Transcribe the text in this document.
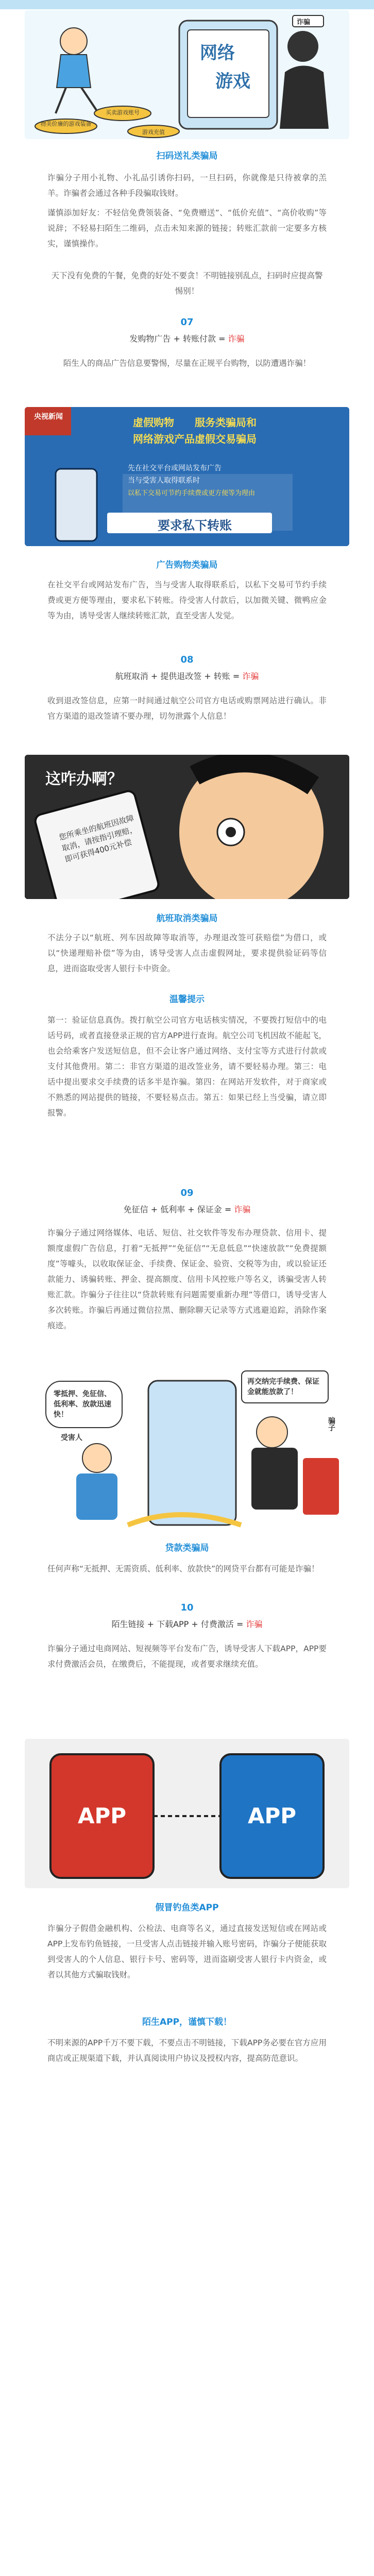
网络
游戏
诈骗
物美价廉的游戏装备
买卖游戏账号
游戏充值
扫码送礼类骗局
诈骗分子用小礼物、小礼品引诱你扫码，一旦扫码，你就像是只待被拿的羔羊。诈骗者会通过各种手段骗取钱财。
谨慎添加好友：不轻信免费领装备、“免费赠送”、“低价充值”、“高价收购”等说辞；不轻易扫陌生二维码，点击未知来源的链接；转账汇款前一定要多方核实，谨慎操作。
天下没有免费的午餐，免费的好处不要贪！不明链接别乱点，扫码时应提高警惕别！
07
发购物广告 + 转账付款 = 诈骗
陌生人的商品广告信息要警惕，尽量在正规平台购物，以防遭遇诈骗！
央视新闻	虚假购物 服务类骗局和
网络游戏产品虚假交易骗局
先在社交平台或网站发布广告
当与受害人取得联系时
以私下交易可节约手续费或更方便等为理由
要求私下转账
广告购物类骗局
在社交平台或网站发布广告，当与受害人取得联系后，以私下交易可节约手续费或更方便等理由，要求私下转账。待受害人付款后，以加微关键、微鸭应金等为由，诱导受害人继续转账汇款，直至受害人发觉。
08
航班取消 + 提供退改签 + 转账 = 诈骗
收到退改签信息，应第一时间通过航空公司官方电话或购票网站进行确认。非官方渠道的退改签请不要办理，切勿泄露个人信息！
这咋办啊？
您所乘坐的航班因故障取消，请按指引理赔，即可获得400元补偿
航班取消类骗局
不法分子以“航班、列车因故障等取消等，办理退改签可获赔偿”为借口，或以“快递理赔补偿”等为由，诱导受害人点击虚假网址，要求提供验证码等信息，进而盗取受害人银行卡中资金。
温馨提示
第一：验证信息真伪。拨打航空公司官方电话核实情况，不要拨打短信中的电话号码，或者直接登录正规的官方APP进行查询。航空公司飞机因故不能起飞，也会给乘客户发送短信息，但不会让客户通过网络、支付宝等方式进行付款或支付其他费用。第二：非官方渠道的退改签业务，请不要轻易办理。第三：电话中提出要求交手续费的话多半是诈骗。第四：在网站开发软件，对于商家或不熟悉的网站提供的链接，不要轻易点击。第五：如果已经上当受骗，请立即报警。
09
免征信 + 低利率 + 保证金 = 诈骗
诈骗分子通过网络媒体、电话、短信、社交软件等发布办理贷款、信用卡、提额度虚假广告信息，打着“无抵押”“免征信”“无息低息”“快速放款”“免费提额度”等噱头，以收取保证金、手续费、保证金、验资、交税等为由，或以验证还款能力、诱骗转账、押金、提高额度、信用卡风控账户等名义，诱骗受害人转账汇款。诈骗分子往往以“贷款转账有问题需要重新办理”等借口，诱导受害人多次转账。诈骗后再通过微信拉黑、删除聊天记录等方式逃避追踪，消除作案痕迹。
零抵押、免征信、低利率、放款迅速快！
再交纳完手续费、保证金就能放款了！
受害人
骗子
贷款类骗局
任何声称“无抵押、无需资质、低利率、放款快”的网贷平台都有可能是诈骗！
10
陌生链接 + 下载APP + 付费激活 = 诈骗
诈骗分子通过电商网站、短视频等平台发布广告，诱导受害人下载APP，APP要求付费激活会员，在缴费后，不能提现，或者要求继续充值。
APP	APP
假冒钓鱼类APP
诈骗分子假借金融机构、公检法、电商等名义，通过直接发送短信或在网站或APP上发布钓鱼链接，一旦受害人点击链接并输入账号密码，诈骗分子便能获取到受害人的个人信息、银行卡号、密码等，进而盗刷受害人银行卡内资金，或者以其他方式骗取钱财。
陌生APP，谨慎下载！
不明来源的APP千万不要下载，不要点击不明链接，下载APP务必要在官方应用商店或正规渠道下载，并认真阅读用户协议及授权内容，提高防范意识。
